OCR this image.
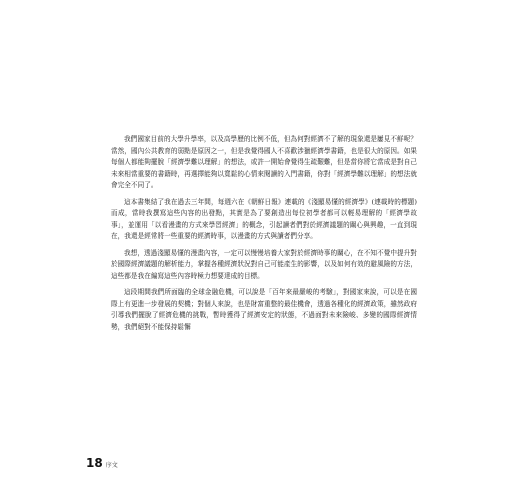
我們國家目前的大學升學率，以及高學歷的比例不低，但為何對經濟不了解的現象還是屢見不鮮呢？當然，國內公共教育的弱點是原因之一，但是我覺得國人不喜歡涉獵經濟學書籍，也是很大的原因。如果每個人都能夠擺脫「經濟學難以理解」的想法，或許一開始會覺得生疏艱難，但是當你將它當成是對自己未來相當重要的書籍時，再選擇能夠以寬鬆的心情來閱讀的入門書籍，你對「經濟學難以理解」的想法就會完全不同了。

這本書集結了我在過去三年間，每週六在《朝鮮日報》連載的《淺顯易懂的經濟學》(連載時的標題)而成，當時我撰寫這些內容的出發點，其實是為了要創造出每位初學者都可以輕易理解的「經濟學故事」，並運用「以看漫畫的方式來學習經濟」的概念，引起讀者們對於經濟議題的關心與興趣，一直到現在，我還是經常將一些重要的經濟時事，以漫畫的方式與讀者們分享。

我想，透過淺顯易懂的漫畫內容，一定可以慢慢培養大家對於經濟時事的關心，在不知不覺中提升對於國際經濟議題的解析能力，掌握各種經濟狀況對自己可能產生的影響，以及如何有效的避風險的方法，這些都是我在編寫這些內容時極力想要達成的目標。

這段期間我們所面臨的全球金融危機，可以說是「百年來最嚴峻的考驗」，對國家來說，可以是在國際上有更進一步發展的契機；對個人來說，也是財富重整的最佳機會，透過各種化的經濟政策，雖然政府引導我們擺脫了經濟危機的挑戰，暫時獲得了經濟安定的狀態，不過面對未來險峻、多變的國際經濟情勢，我們絕對不能保持鬆懈

18 序文
